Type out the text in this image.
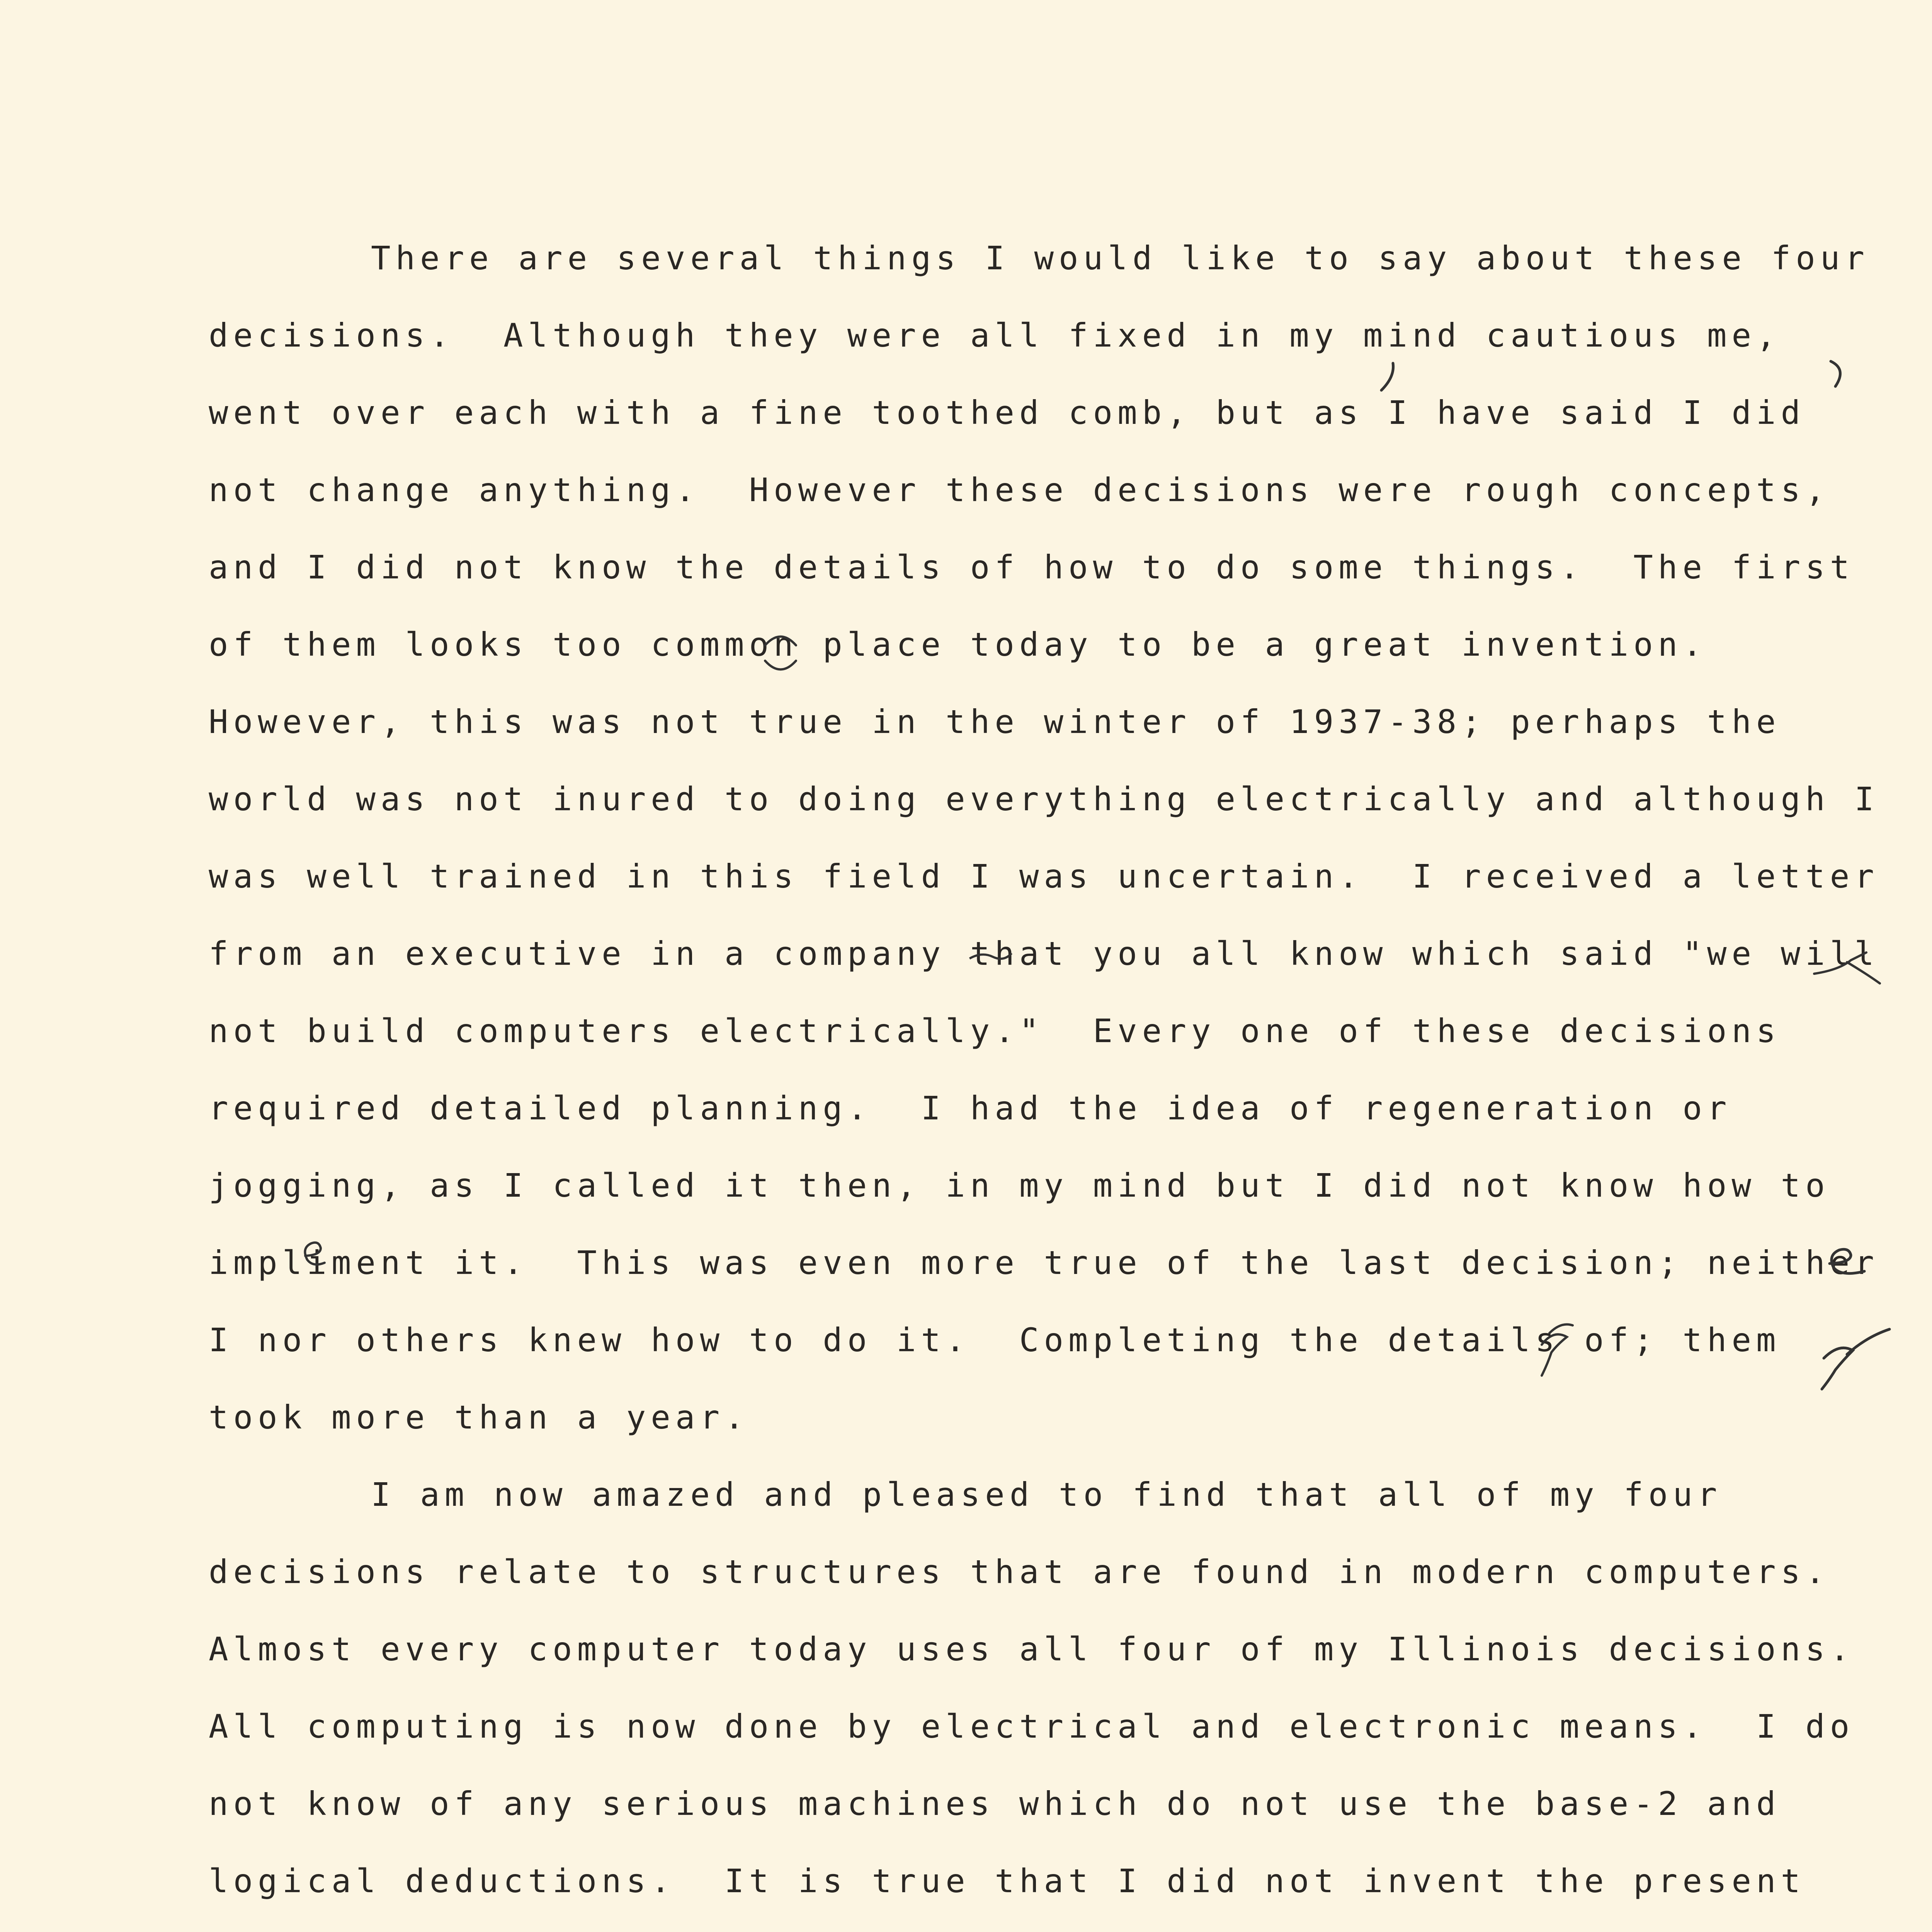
There are several things I would like to say about these four

decisions.  Although they were all fixed in my mind cautious me,

went over each with a fine toothed comb, but as I have said I did

not change anything.  However these decisions were rough concepts,

and I did not know the details of how to do some things.  The first

of them looks too common place today to be a great invention.

However, this was not true in the winter of 1937-38; perhaps the

world was not inured to doing everything electrically and although I

was well trained in this field I was uncertain.  I received a letter

from an executive in a company that
you all know which said "we will

not build computers electrically."  Every one of these decisions

required detailed planning.  I had the idea of regeneration or

jogging, as I called it then, in my mind but I did not know how to

impliment it.  This was even more true of the last decision; neither

I nor others knew how to do it.  Completing the details of; them

took more than a year.

I am now amazed and pleased to find that all of my four

decisions relate to structures that are found in modern computers.

Almost every computer today uses all four of my Illinois decisions.

All computing is now done by electrical and electronic means.  I do

not know of any serious machines which do not use the base-2 and

logical deductions.  It is true that I did not invent the present
